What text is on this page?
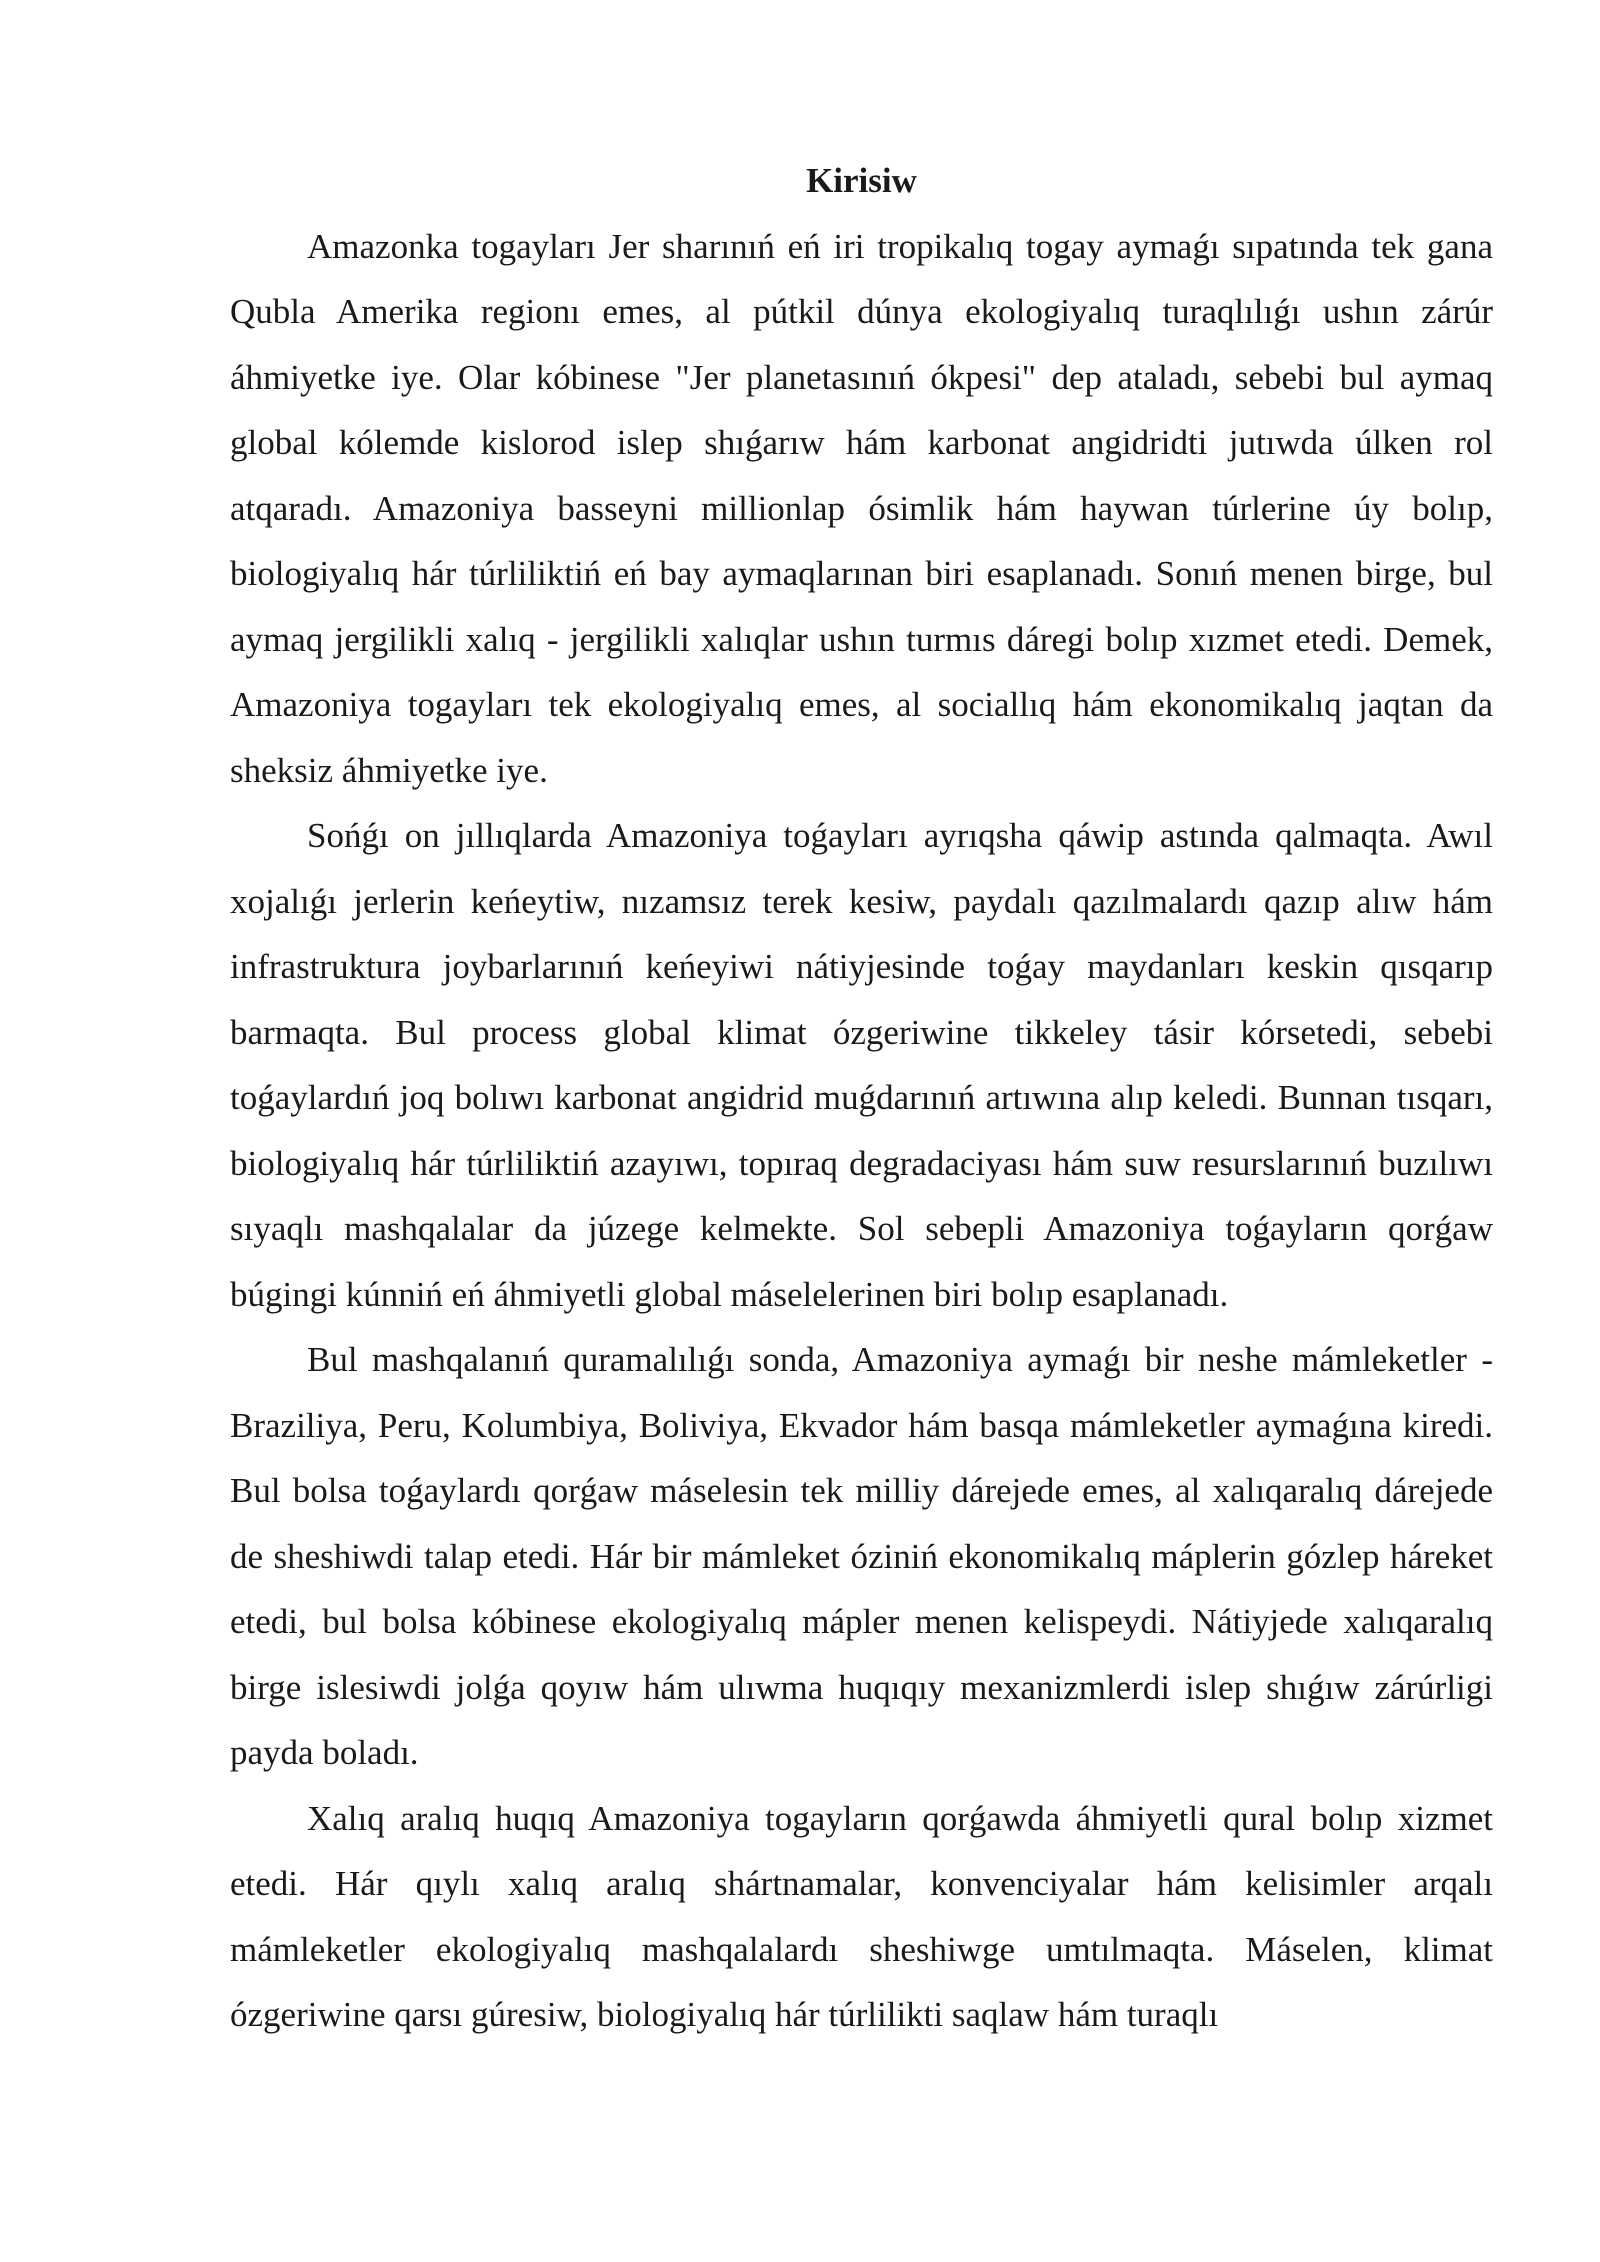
Kirisiw

Amazonka togayları Jer sharınıń eń iri tropikalıq togay aymaǵı sıpatında tek gana Qubla Amerika regionı emes, al pútkil dúnya ekologiyalıq turaqlılıǵı ushın zárúr áhmiyetke iye. Olar kóbinese "Jer planetasınıń ókpesi" dep ataladı, sebebi bul aymaq global kólemde kislorod islep shıǵarıw hám karbonat angidridti jutıwda úlken rol atqaradı. Amazoniya basseyni millionlap ósimlik hám haywan túrlerine úy bolıp, biologiyalıq hár túrliliktiń eń bay aymaqlarınan biri esaplanadı. Sonıń menen birge, bul aymaq jergilikli xalıq - jergilikli xalıqlar ushın turmıs dáregi bolıp xızmet etedi. Demek, Amazoniya togayları tek ekologiyalıq emes, al sociallıq hám ekonomikalıq jaqtan da sheksiz áhmiyetke iye.

Sońǵı on jıllıqlarda Amazoniya toǵayları ayrıqsha qáwip astında qalmaqta. Awıl xojalıǵı jerlerin keńeytiw, nızamsız terek kesiw, paydalı qazılmalardı qazıp alıw hám infrastruktura joybarlarınıń keńeyiwi nátiyjesinde toǵay maydanları keskin qısqarıp barmaqta. Bul process global klimat ózgeriwine tikkeley tásir kórsetedi, sebebi toǵaylardıń joq bolıwı karbonat angidrid muǵdarınıń artıwına alıp keledi. Bunnan tısqarı, biologiyalıq hár túrliliktiń azayıwı, topıraq degradaciyası hám suw resurslarınıń buzılıwı sıyaqlı mashqalalar da júzege kelmekte. Sol sebepli Amazoniya toǵayların qorǵaw búgingi kúnniń eń áhmiyetli global máselelerinen biri bolıp esaplanadı.

Bul mashqalanıń quramalılıǵı sonda, Amazoniya aymaǵı bir neshe mámleketler - Braziliya, Peru, Kolumbiya, Boliviya, Ekvador hám basqa mámleketler aymaǵına kiredi. Bul bolsa toǵaylardı qorǵaw máselesin tek milliy dárejede emes, al xalıqaralıq dárejede de sheshiwdi talap etedi. Hár bir mámleket óziniń ekonomikalıq máplerin gózlep háreket etedi, bul bolsa kóbinese ekologiyalıq mápler menen kelispeydi. Nátiyjede xalıqaralıq birge islesiwdi jolǵa qoyıw hám ulıwma huqıqıy mexanizmlerdi islep shıǵıw zárúrligi payda boladı.

Xalıq aralıq huqıq Amazoniya togayların qorǵawda áhmiyetli qural bolıp xizmet etedi. Hár qıylı xalıq aralıq shártnamalar, konvenciyalar hám kelisimler arqalı mámleketler ekologiyalıq mashqalalardı sheshiwge umtılmaqta. Máselen, klimat ózgeriwine qarsı gúresiw, biologiyalıq hár túrlilikti saqlaw hám turaqlı
